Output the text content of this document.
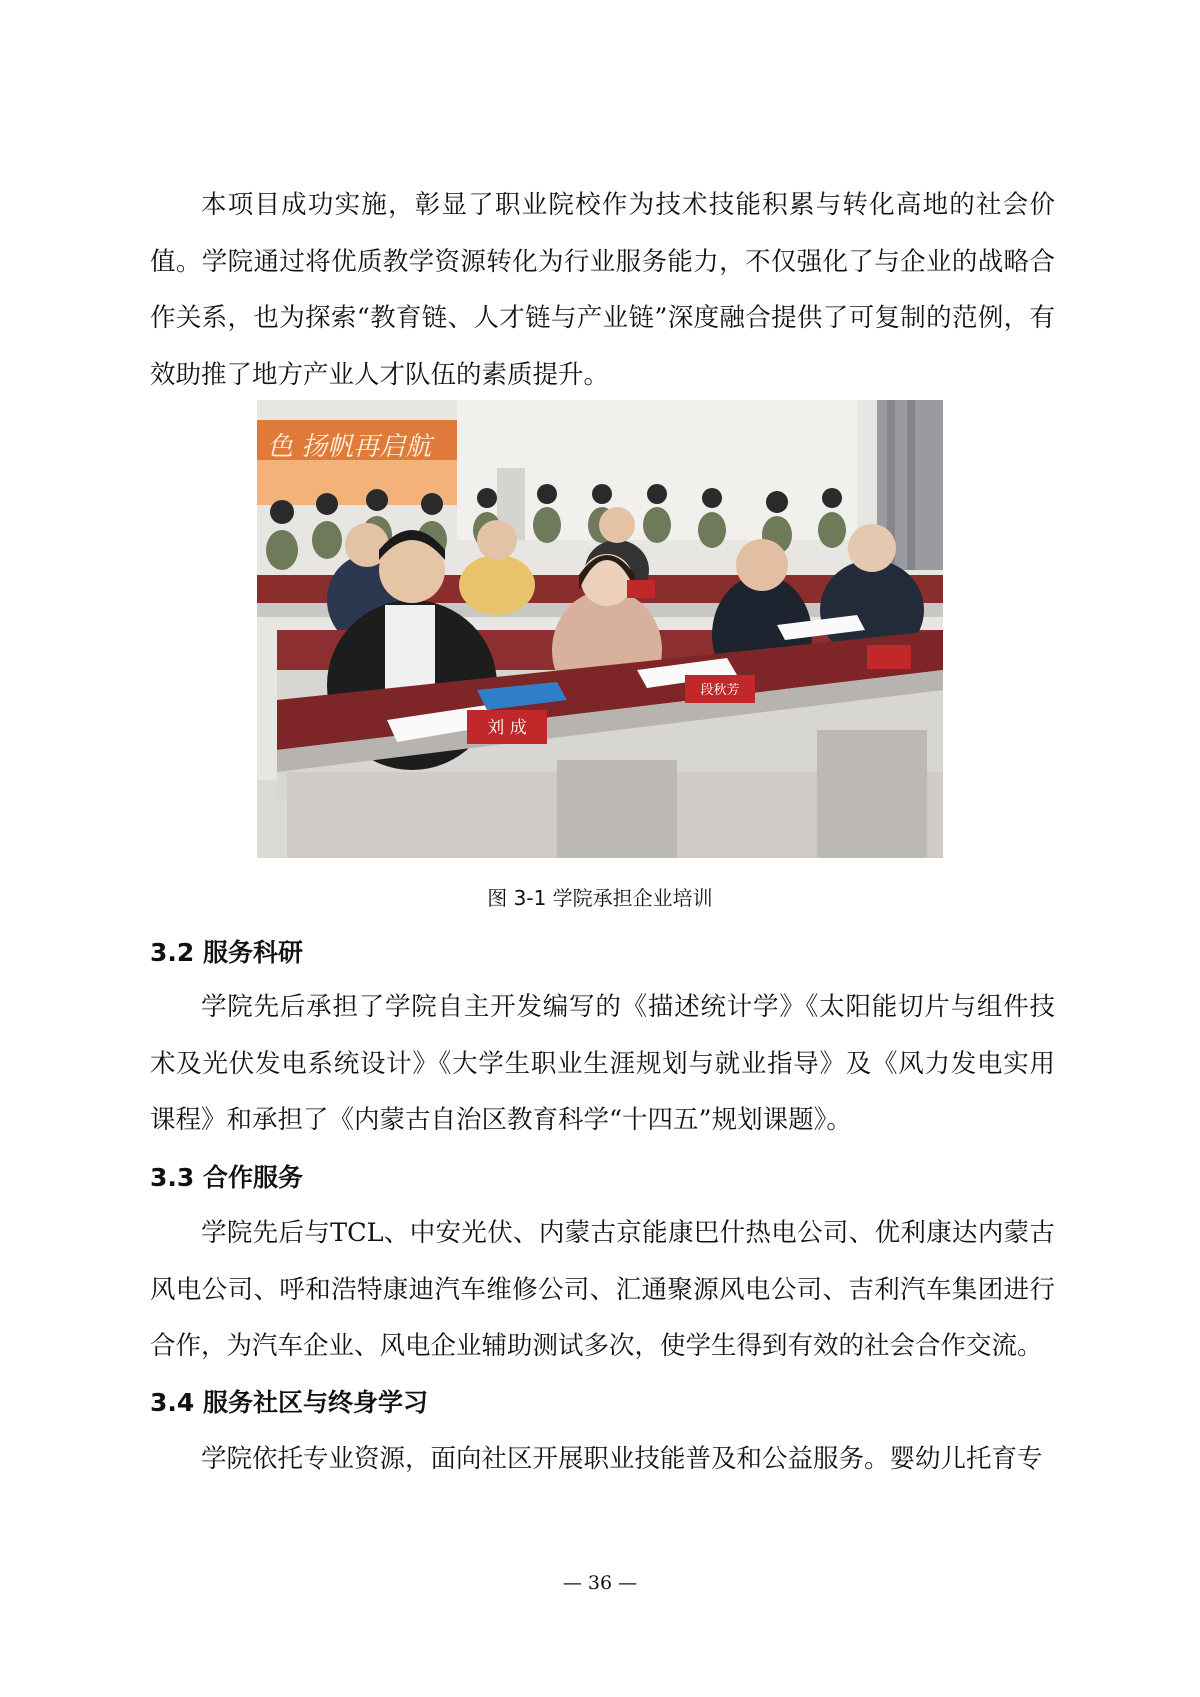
本项目成功实施，彰显了职业院校作为技术技能积累与转化高地的社会价值。学院通过将优质教学资源转化为行业服务能力，不仅强化了与企业的战略合作关系，也为探索“教育链、人才链与产业链”深度融合提供了可复制的范例，有效助推了地方产业人才队伍的素质提升。

色 扬帆再启航
刘 成
段秋芳
图 3-1 学院承担企业培训
3.2 服务科研

学院先后承担了学院自主开发编写的《描述统计学》《太阳能切片与组件技术及光伏发电系统设计》《大学生职业生涯规划与就业指导》及《风力发电实用课程》和承担了《内蒙古自治区教育科学“十四五”规划课题》。

3.3 合作服务

学院先后与TCL、中安光伏、内蒙古京能康巴什热电公司、优利康达内蒙古风电公司、呼和浩特康迪汽车维修公司、汇通聚源风电公司、吉利汽车集团进行合作，为汽车企业、风电企业辅助测试多次，使学生得到有效的社会合作交流。

3.4 服务社区与终身学习

学院依托专业资源，面向社区开展职业技能普及和公益服务。婴幼儿托育专

— 36 —
